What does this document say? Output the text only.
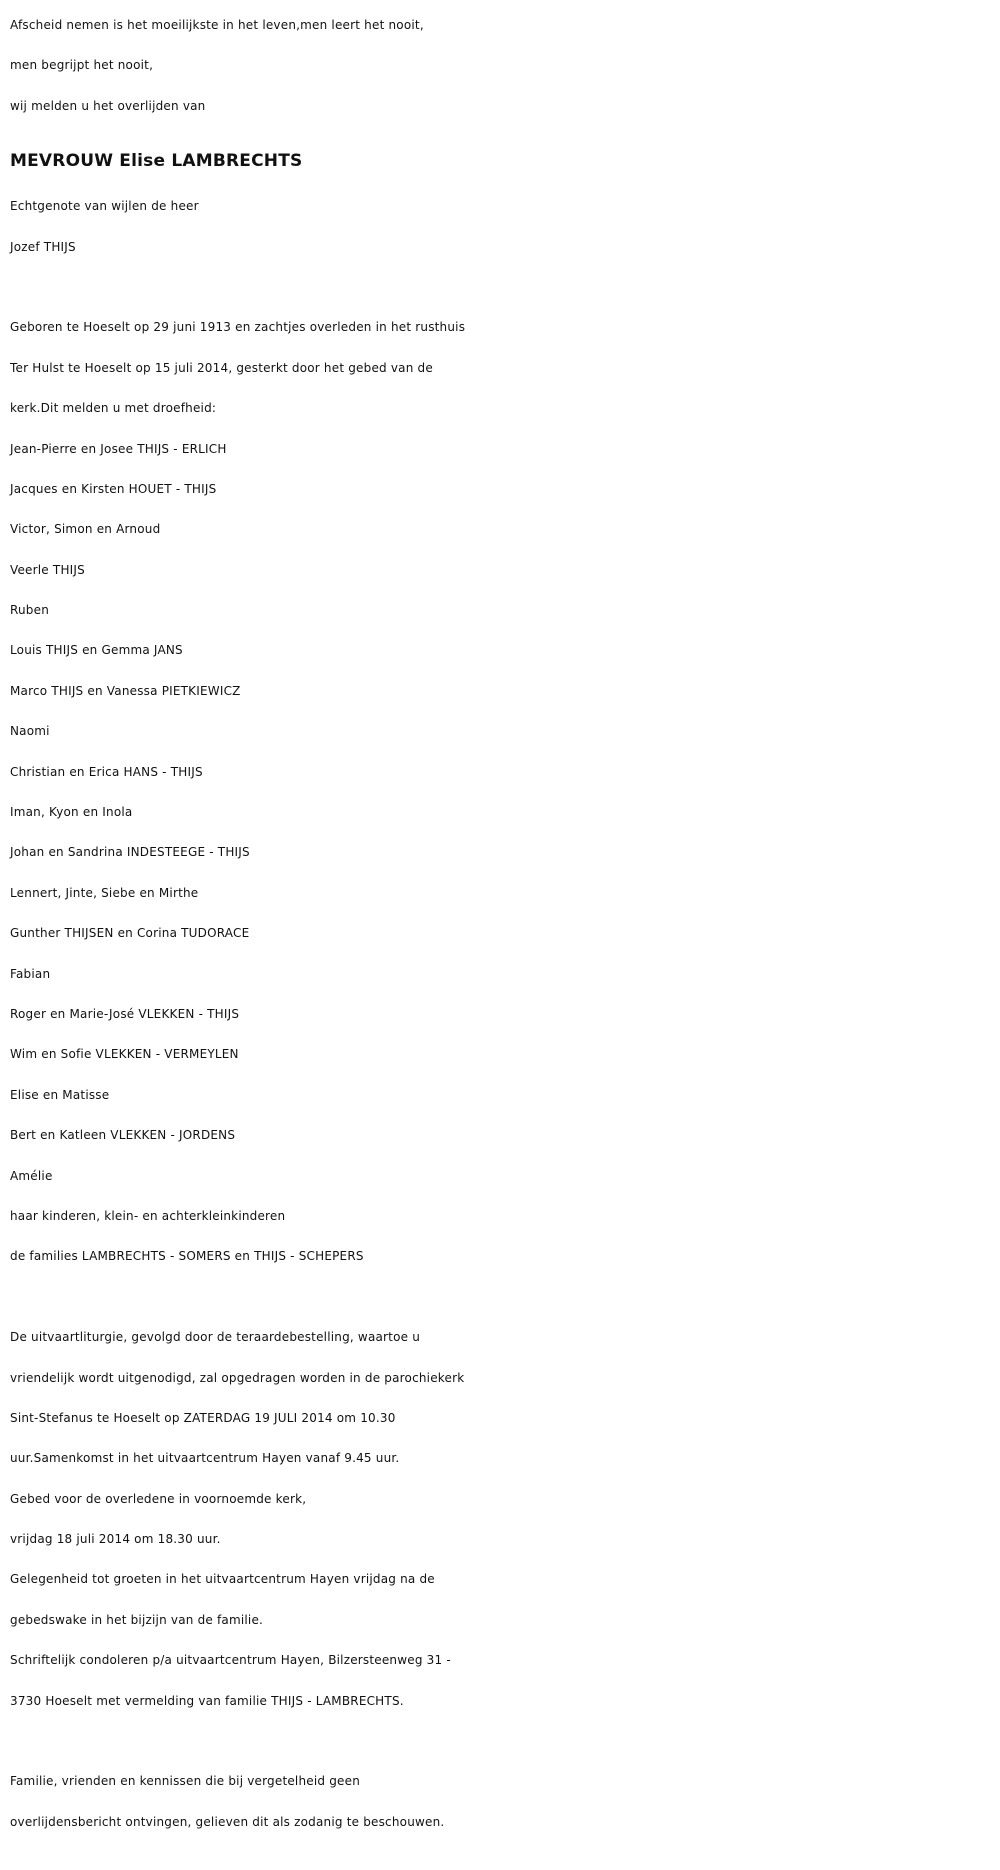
Afscheid nemen is het moeilijkste in het leven,men leert het nooit,
men begrijpt het nooit,
wij melden u het overlijden van
MEVROUW Elise LAMBRECHTS
Echtgenote van wijlen de heer
Jozef THIJS
Geboren te Hoeselt op 29 juni 1913 en zachtjes overleden in het rusthuis
Ter Hulst te Hoeselt op 15 juli 2014, gesterkt door het gebed van de
kerk.Dit melden u met droefheid:
Jean-Pierre en Josee THIJS - ERLICH
Jacques en Kirsten HOUET - THIJS
Victor, Simon en Arnoud
Veerle THIJS
Ruben
Louis THIJS en Gemma JANS
Marco THIJS en Vanessa PIETKIEWICZ
Naomi
Christian en Erica HANS - THIJS
Iman, Kyon en Inola
Johan en Sandrina INDESTEEGE - THIJS
Lennert, Jinte, Siebe en Mirthe
Gunther THIJSEN en Corina TUDORACE
Fabian
Roger en Marie-José VLEKKEN - THIJS
Wim en Sofie VLEKKEN - VERMEYLEN
Elise en Matisse
Bert en Katleen VLEKKEN - JORDENS
Amélie
haar kinderen, klein- en achterkleinkinderen
de families LAMBRECHTS - SOMERS en THIJS - SCHEPERS
De uitvaartliturgie, gevolgd door de teraardebestelling, waartoe u
vriendelijk wordt uitgenodigd, zal opgedragen worden in de parochiekerk
Sint-Stefanus te Hoeselt op ZATERDAG 19 JULI 2014 om 10.30
uur.Samenkomst in het uitvaartcentrum Hayen vanaf 9.45 uur.
Gebed voor de overledene in voornoemde kerk,
vrijdag 18 juli 2014 om 18.30 uur.
Gelegenheid tot groeten in het uitvaartcentrum Hayen vrijdag na de
gebedswake in het bijzijn van de familie.
Schriftelijk condoleren p/a uitvaartcentrum Hayen, Bilzersteenweg 31 -
3730 Hoeselt met vermelding van familie THIJS - LAMBRECHTS.
Familie, vrienden en kennissen die bij vergetelheid geen
overlijdensbericht ontvingen, gelieven dit als zodanig te beschouwen.
